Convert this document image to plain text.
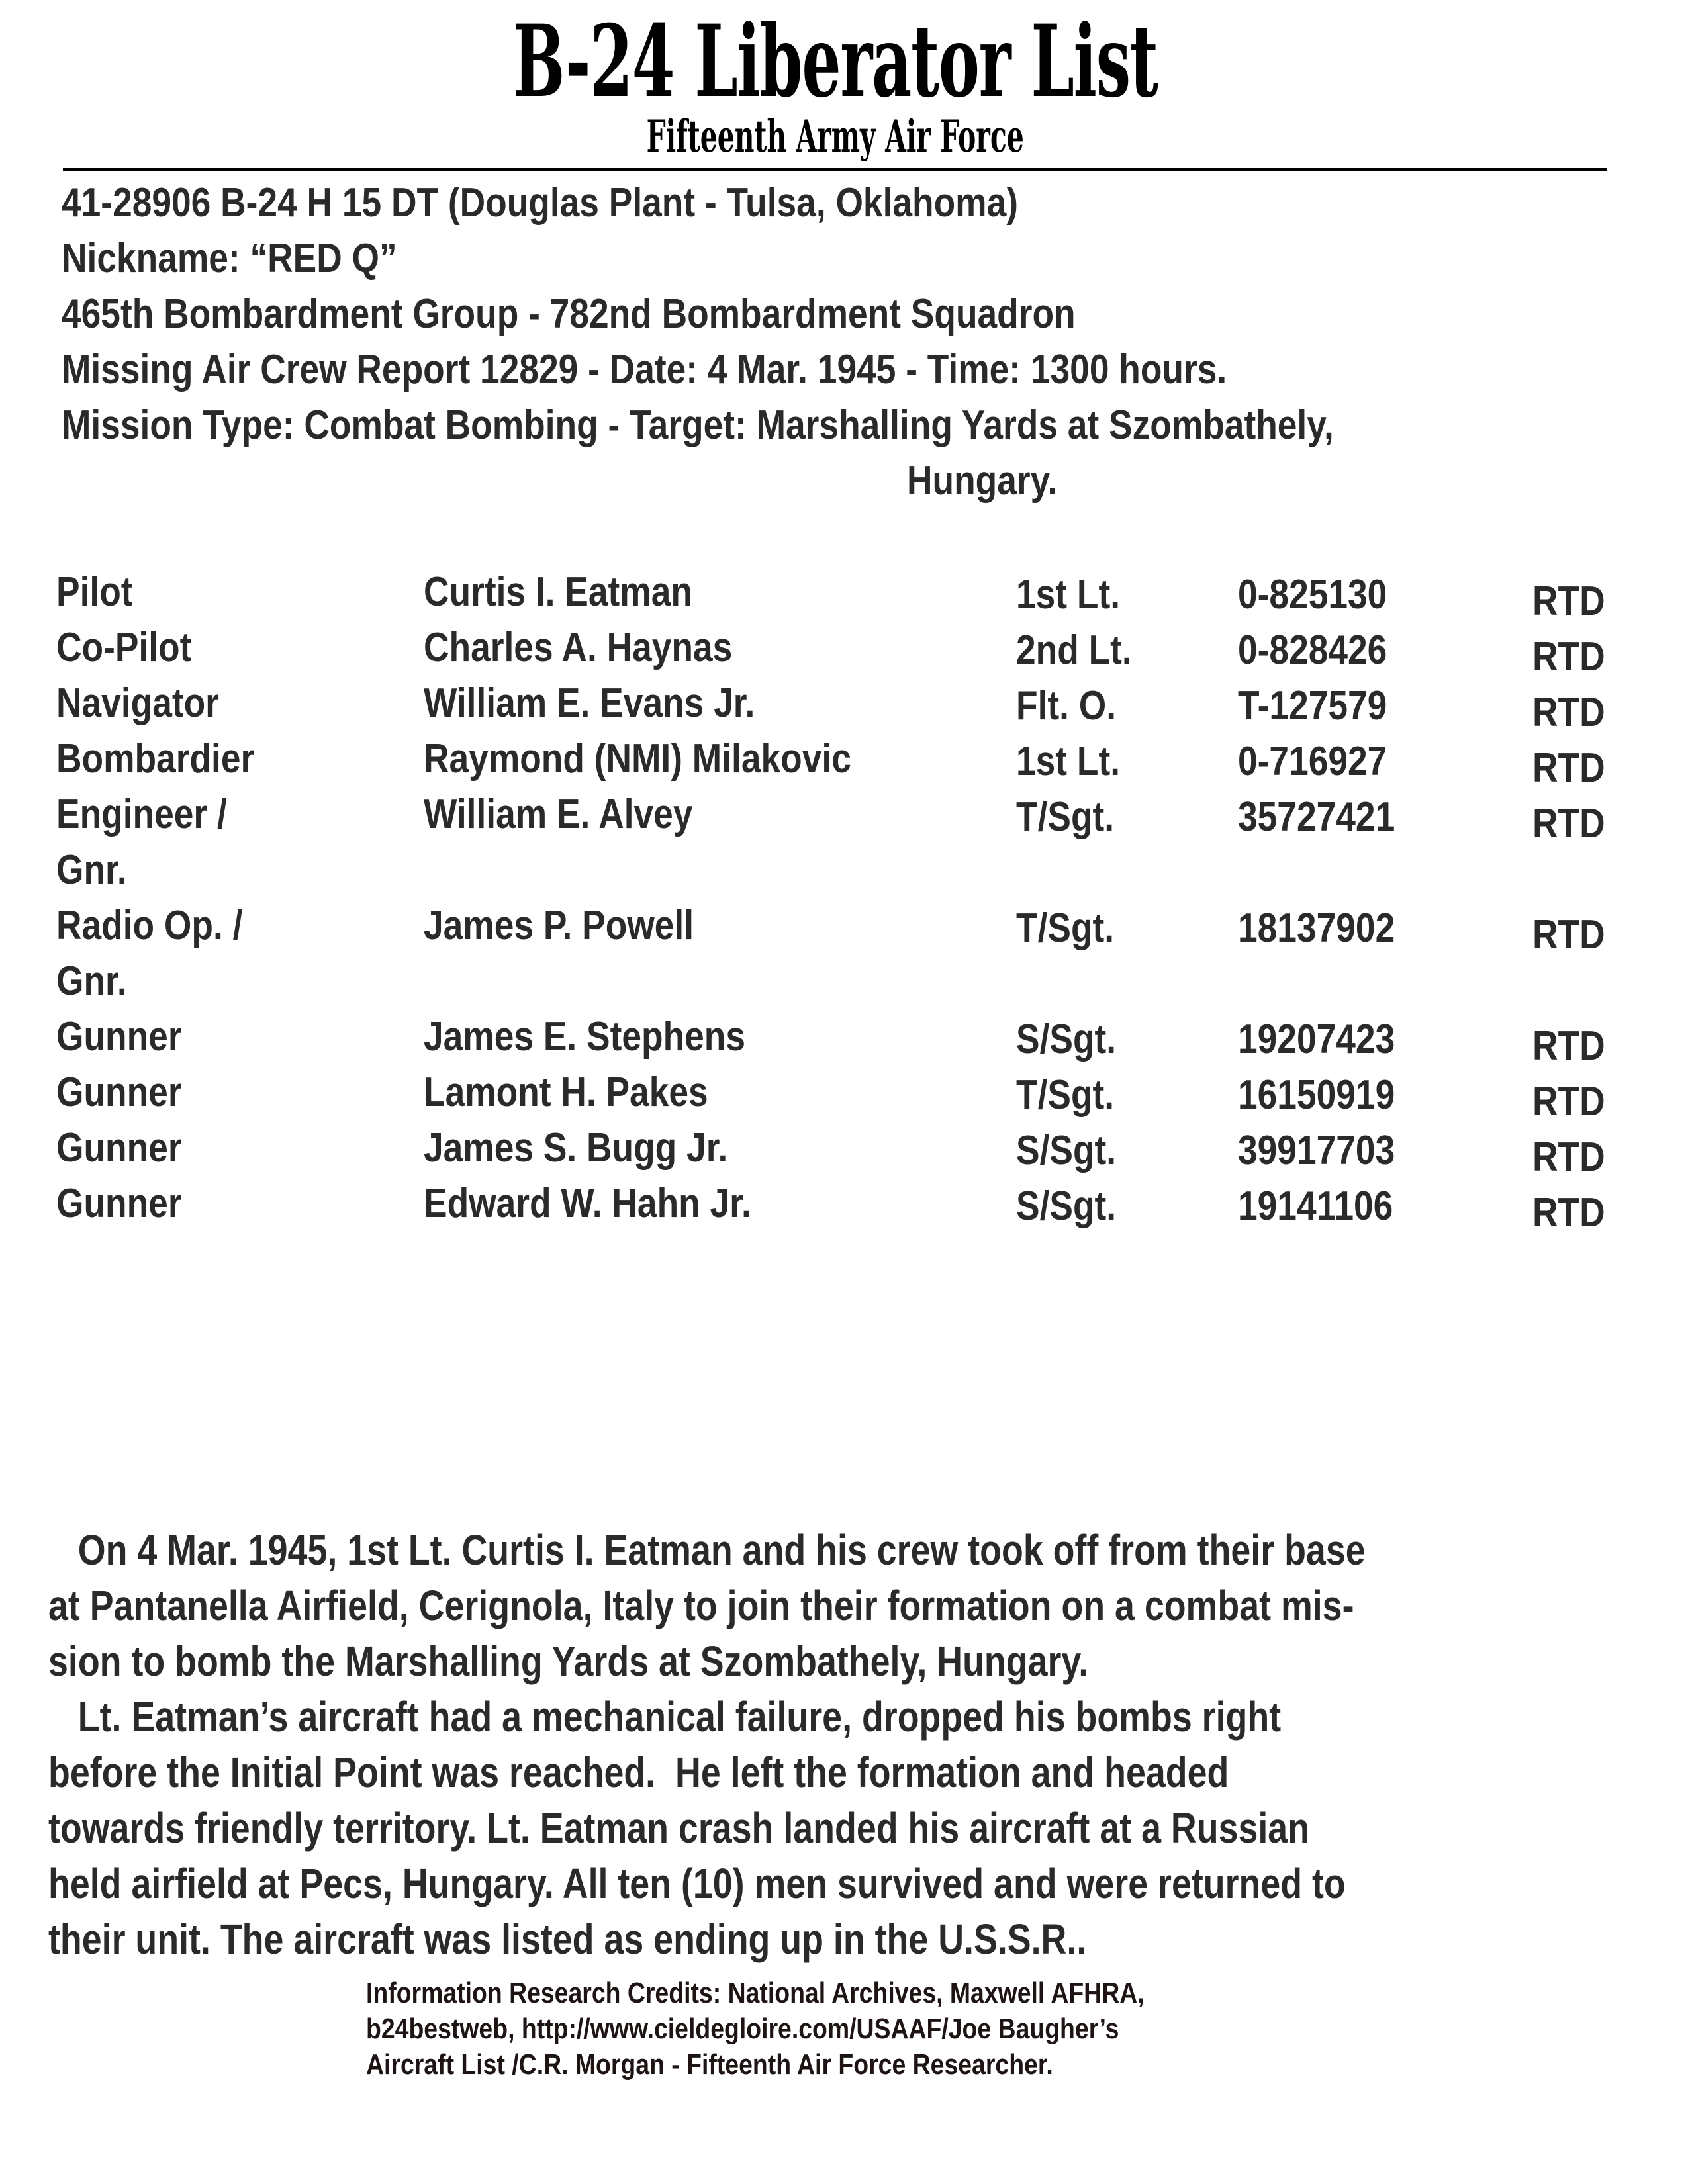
B-24 Liberator List
Fifteenth Army Air Force
41-28906 B-24 H 15 DT (Douglas Plant - Tulsa, Oklahoma)
Nickname: “RED Q”
465th Bombardment Group - 782nd Bombardment Squadron
Missing Air Crew Report 12829 - Date: 4 Mar. 1945 - Time: 1300 hours.
Mission Type: Combat Bombing - Target: Marshalling Yards at Szombathely,
Hungary.
Pilot	Curtis I. Eatman	1st Lt.	0-825130	RTD
Co-Pilot	Charles A. Haynas	2nd Lt.	0-828426	RTD
Navigator	William E. Evans Jr.	Flt. O.	T-127579	RTD
Bombardier	Raymond (NMI) Milakovic	1st Lt.	0-716927	RTD
Engineer /	William E. Alvey	T/Sgt.	35727421	RTD
Gnr.
Radio Op. /	James P. Powell	T/Sgt.	18137902	RTD
Gnr.
Gunner	James E. Stephens	S/Sgt.	19207423	RTD
Gunner	Lamont H. Pakes	T/Sgt.	16150919	RTD
Gunner	James S. Bugg Jr.	S/Sgt.	39917703	RTD
Gunner	Edward W. Hahn Jr.	S/Sgt.	19141106	RTD
On 4 Mar. 1945, 1st Lt. Curtis I. Eatman and his crew took off from their base
at Pantanella Airfield, Cerignola, Italy to join their formation on a combat mis-
sion to bomb the Marshalling Yards at Szombathely, Hungary.
Lt. Eatman’s aircraft had a mechanical failure, dropped his bombs right
before the Initial Point was reached.  He left the formation and headed
towards friendly territory. Lt. Eatman crash landed his aircraft at a Russian
held airfield at Pecs, Hungary. All ten (10) men survived and were returned to
their unit. The aircraft was listed as ending up in the U.S.S.R..
Information Research Credits: National Archives, Maxwell AFHRA,
b24bestweb, http://www.cieldegloire.com/USAAF/Joe Baugher’s
Aircraft List /C.R. Morgan - Fifteenth Air Force Researcher.
